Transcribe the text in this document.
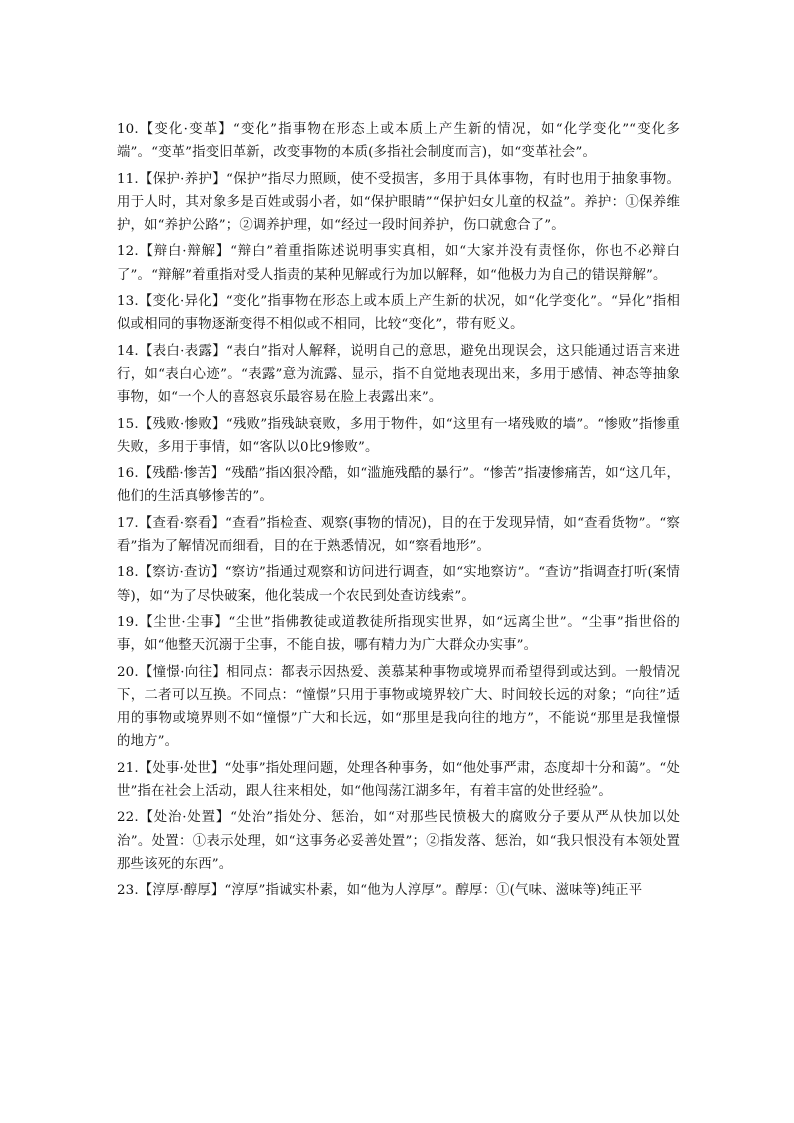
10.【变化·变革】“变化”指事物在形态上或本质上产生新的情况，如“化学变化”“变化多端”。“变革”指变旧革新，改变事物的本质(多指社会制度而言)，如“变革社会”。

11.【保护·养护】“保护”指尽力照顾，使不受损害，多用于具体事物，有时也用于抽象事物。用于人时，其对象多是百姓或弱小者，如“保护眼睛”“保护妇女儿童的权益”。养护：①保养维护，如“养护公路”；②调养护理，如“经过一段时间养护，伤口就愈合了”。

12.【辩白·辩解】“辩白”着重指陈述说明事实真相，如“大家并没有责怪你，你也不必辩白了”。“辩解”着重指对受人指责的某种见解或行为加以解释，如“他极力为自己的错误辩解”。

13.【变化·异化】“变化”指事物在形态上或本质上产生新的状况，如“化学变化”。“异化”指相似或相同的事物逐渐变得不相似或不相同，比较“变化”，带有贬义。

14.【表白·表露】“表白”指对人解释，说明自己的意思，避免出现误会，这只能通过语言来进行，如“表白心迹”。“表露”意为流露、显示，指不自觉地表现出来，多用于感情、神态等抽象事物，如“一个人的喜怒哀乐最容易在脸上表露出来”。

15.【残败·惨败】“残败”指残缺衰败，多用于物件，如“这里有一堵残败的墙”。“惨败”指惨重失败，多用于事情，如“客队以0比9惨败”。

16.【残酷·惨苦】“残酷”指凶狠冷酷，如“滥施残酷的暴行”。“惨苦”指凄惨痛苦，如“这几年，他们的生活真够惨苦的”。

17.【查看·察看】“查看”指检查、观察(事物的情况)，目的在于发现异情，如“查看货物”。“察看”指为了解情况而细看，目的在于熟悉情况，如“察看地形”。

18.【察访·查访】“察访”指通过观察和访问进行调查，如“实地察访”。“查访”指调查打听(案情等)，如“为了尽快破案，他化装成一个农民到处查访线索”。

19.【尘世·尘事】“尘世”指佛教徒或道教徒所指现实世界，如“远离尘世”。“尘事”指世俗的事，如“他整天沉溺于尘事，不能自拔，哪有精力为广大群众办实事”。

20.【憧憬·向往】相同点：都表示因热爱、羡慕某种事物或境界而希望得到或达到。一般情况下，二者可以互换。不同点：“憧憬”只用于事物或境界较广大、时间较长远的对象；“向往”适用的事物或境界则不如“憧憬”广大和长远，如“那里是我向往的地方”，不能说“那里是我憧憬的地方”。

21.【处事·处世】“处事”指处理问题，处理各种事务，如“他处事严肃，态度却十分和蔼”。“处世”指在社会上活动，跟人往来相处，如“他闯荡江湖多年，有着丰富的处世经验”。

22.【处治·处置】“处治”指处分、惩治，如“对那些民愤极大的腐败分子要从严从快加以处治”。处置：①表示处理，如“这事务必妥善处置”；②指发落、惩治，如“我只恨没有本领处置那些该死的东西”。

23.【淳厚·醇厚】“淳厚”指诚实朴素，如“他为人淳厚”。醇厚：①(气味、滋味等)纯正平
